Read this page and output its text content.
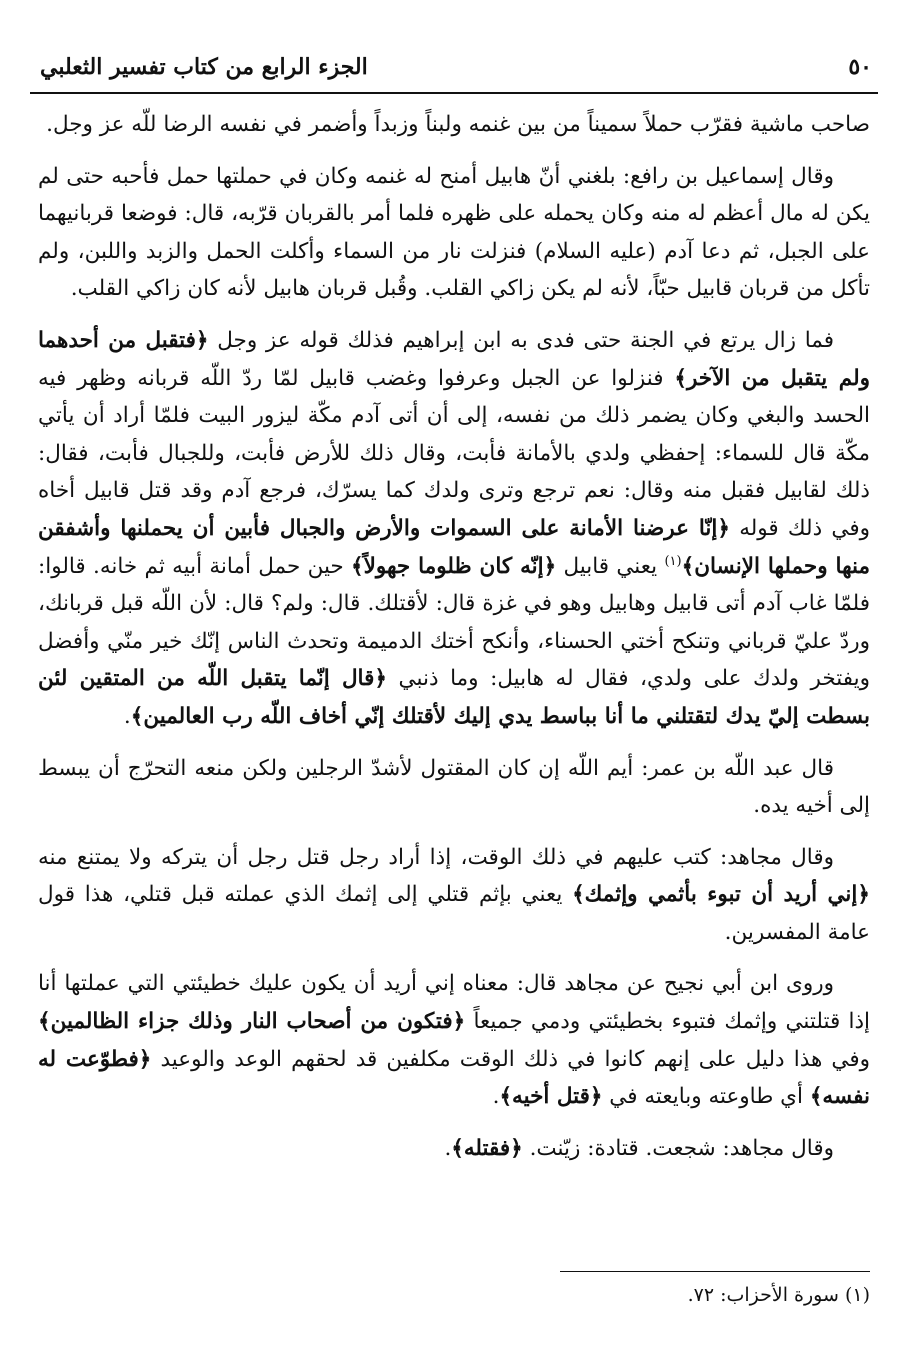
٥٠
الجزء الرابع من كتاب تفسير الثعلبي

صاحب ماشية فقرّب حملاً سميناً من بين غنمه ولبناً وزبداً وأضمر في نفسه الرضا للّه عز وجل.

وقال إسماعيل بن رافع: بلغني أنّ هابيل أمنح له غنمه وكان في حملتها حمل فأحبه حتى لم يكن له مال أعظم له منه وكان يحمله على ظهره فلما أمر بالقربان قرّبه، قال: فوضعا قربانيهما على الجبل، ثم دعا آدم (عليه السلام) فنزلت نار من السماء وأكلت الحمل والزبد واللبن، ولم تأكل من قربان قابيل حبّاً، لأنه لم يكن زاكي القلب. وقُبل قربان هابيل لأنه كان زاكي القلب.

فما زال يرتع في الجنة حتى فدى به ابن إبراهيم فذلك قوله عز وجل ﴿فتقبل من أحدهما ولم يتقبل من الآخر﴾ فنزلوا عن الجبل وعرفوا وغضب قابيل لمّا ردّ اللّه قربانه وظهر فيه الحسد والبغي وكان يضمر ذلك من نفسه، إلى أن أتى آدم مكّة ليزور البيت فلمّا أراد أن يأتي مكّة قال للسماء: إحفظي ولدي بالأمانة فأبت، وقال ذلك للأرض فأبت، وللجبال فأبت، فقال: ذلك لقابيل فقبل منه وقال: نعم ترجع وترى ولدك كما يسرّك، فرجع آدم وقد قتل قابيل أخاه وفي ذلك قوله ﴿إنّا عرضنا الأمانة على السموات والأرض والجبال فأبين أن يحملنها وأشفقن منها وحملها الإنسان﴾$^{(١)}$ يعني قابيل ﴿إنّه كان ظلوما جهولاً﴾ حين حمل أمانة أبيه ثم خانه. قالوا: فلمّا غاب آدم أتى قابيل وهابيل وهو في غزة قال: لأقتلك. قال: ولم؟ قال: لأن اللّه قبل قربانك، وردّ عليّ قرباني وتنكح أختي الحسناء، وأنكح أختك الدميمة وتحدث الناس إنّك خير منّي وأفضل ويفتخر ولدك على ولدي، فقال له هابيل: وما ذنبي ﴿قال إنّما يتقبل اللّه من المتقين لئن بسطت إليّ يدك لتقتلني ما أنا بباسط يدي إليك لأقتلك إنّي أخاف اللّه رب العالمين﴾.

قال عبد اللّه بن عمر: أيم اللّه إن كان المقتول لأشدّ الرجلين ولكن منعه التحرّج أن يبسط إلى أخيه يده.

وقال مجاهد: كتب عليهم في ذلك الوقت، إذا أراد رجل قتل رجل أن يتركه ولا يمتنع منه ﴿إني أريد أن تبوء بأثمي وإثمك﴾ يعني بإثم قتلي إلى إثمك الذي عملته قبل قتلي، هذا قول عامة المفسرين.

وروى ابن أبي نجيح عن مجاهد قال: معناه إني أريد أن يكون عليك خطيئتي التي عملتها أنا إذا قتلتني وإثمك فتبوء بخطيئتي ودمي جميعاً ﴿فتكون من أصحاب النار وذلك جزاء الظالمين﴾ وفي هذا دليل على إنهم كانوا في ذلك الوقت مكلفين قد لحقهم الوعد والوعيد ﴿فطوّعت له نفسه﴾ أي طاوعته وبايعته في ﴿قتل أخيه﴾.

وقال مجاهد: شجعت. قتادة: زيّنت. ﴿فقتله﴾.

(١) سورة الأحزاب: ٧٢.
